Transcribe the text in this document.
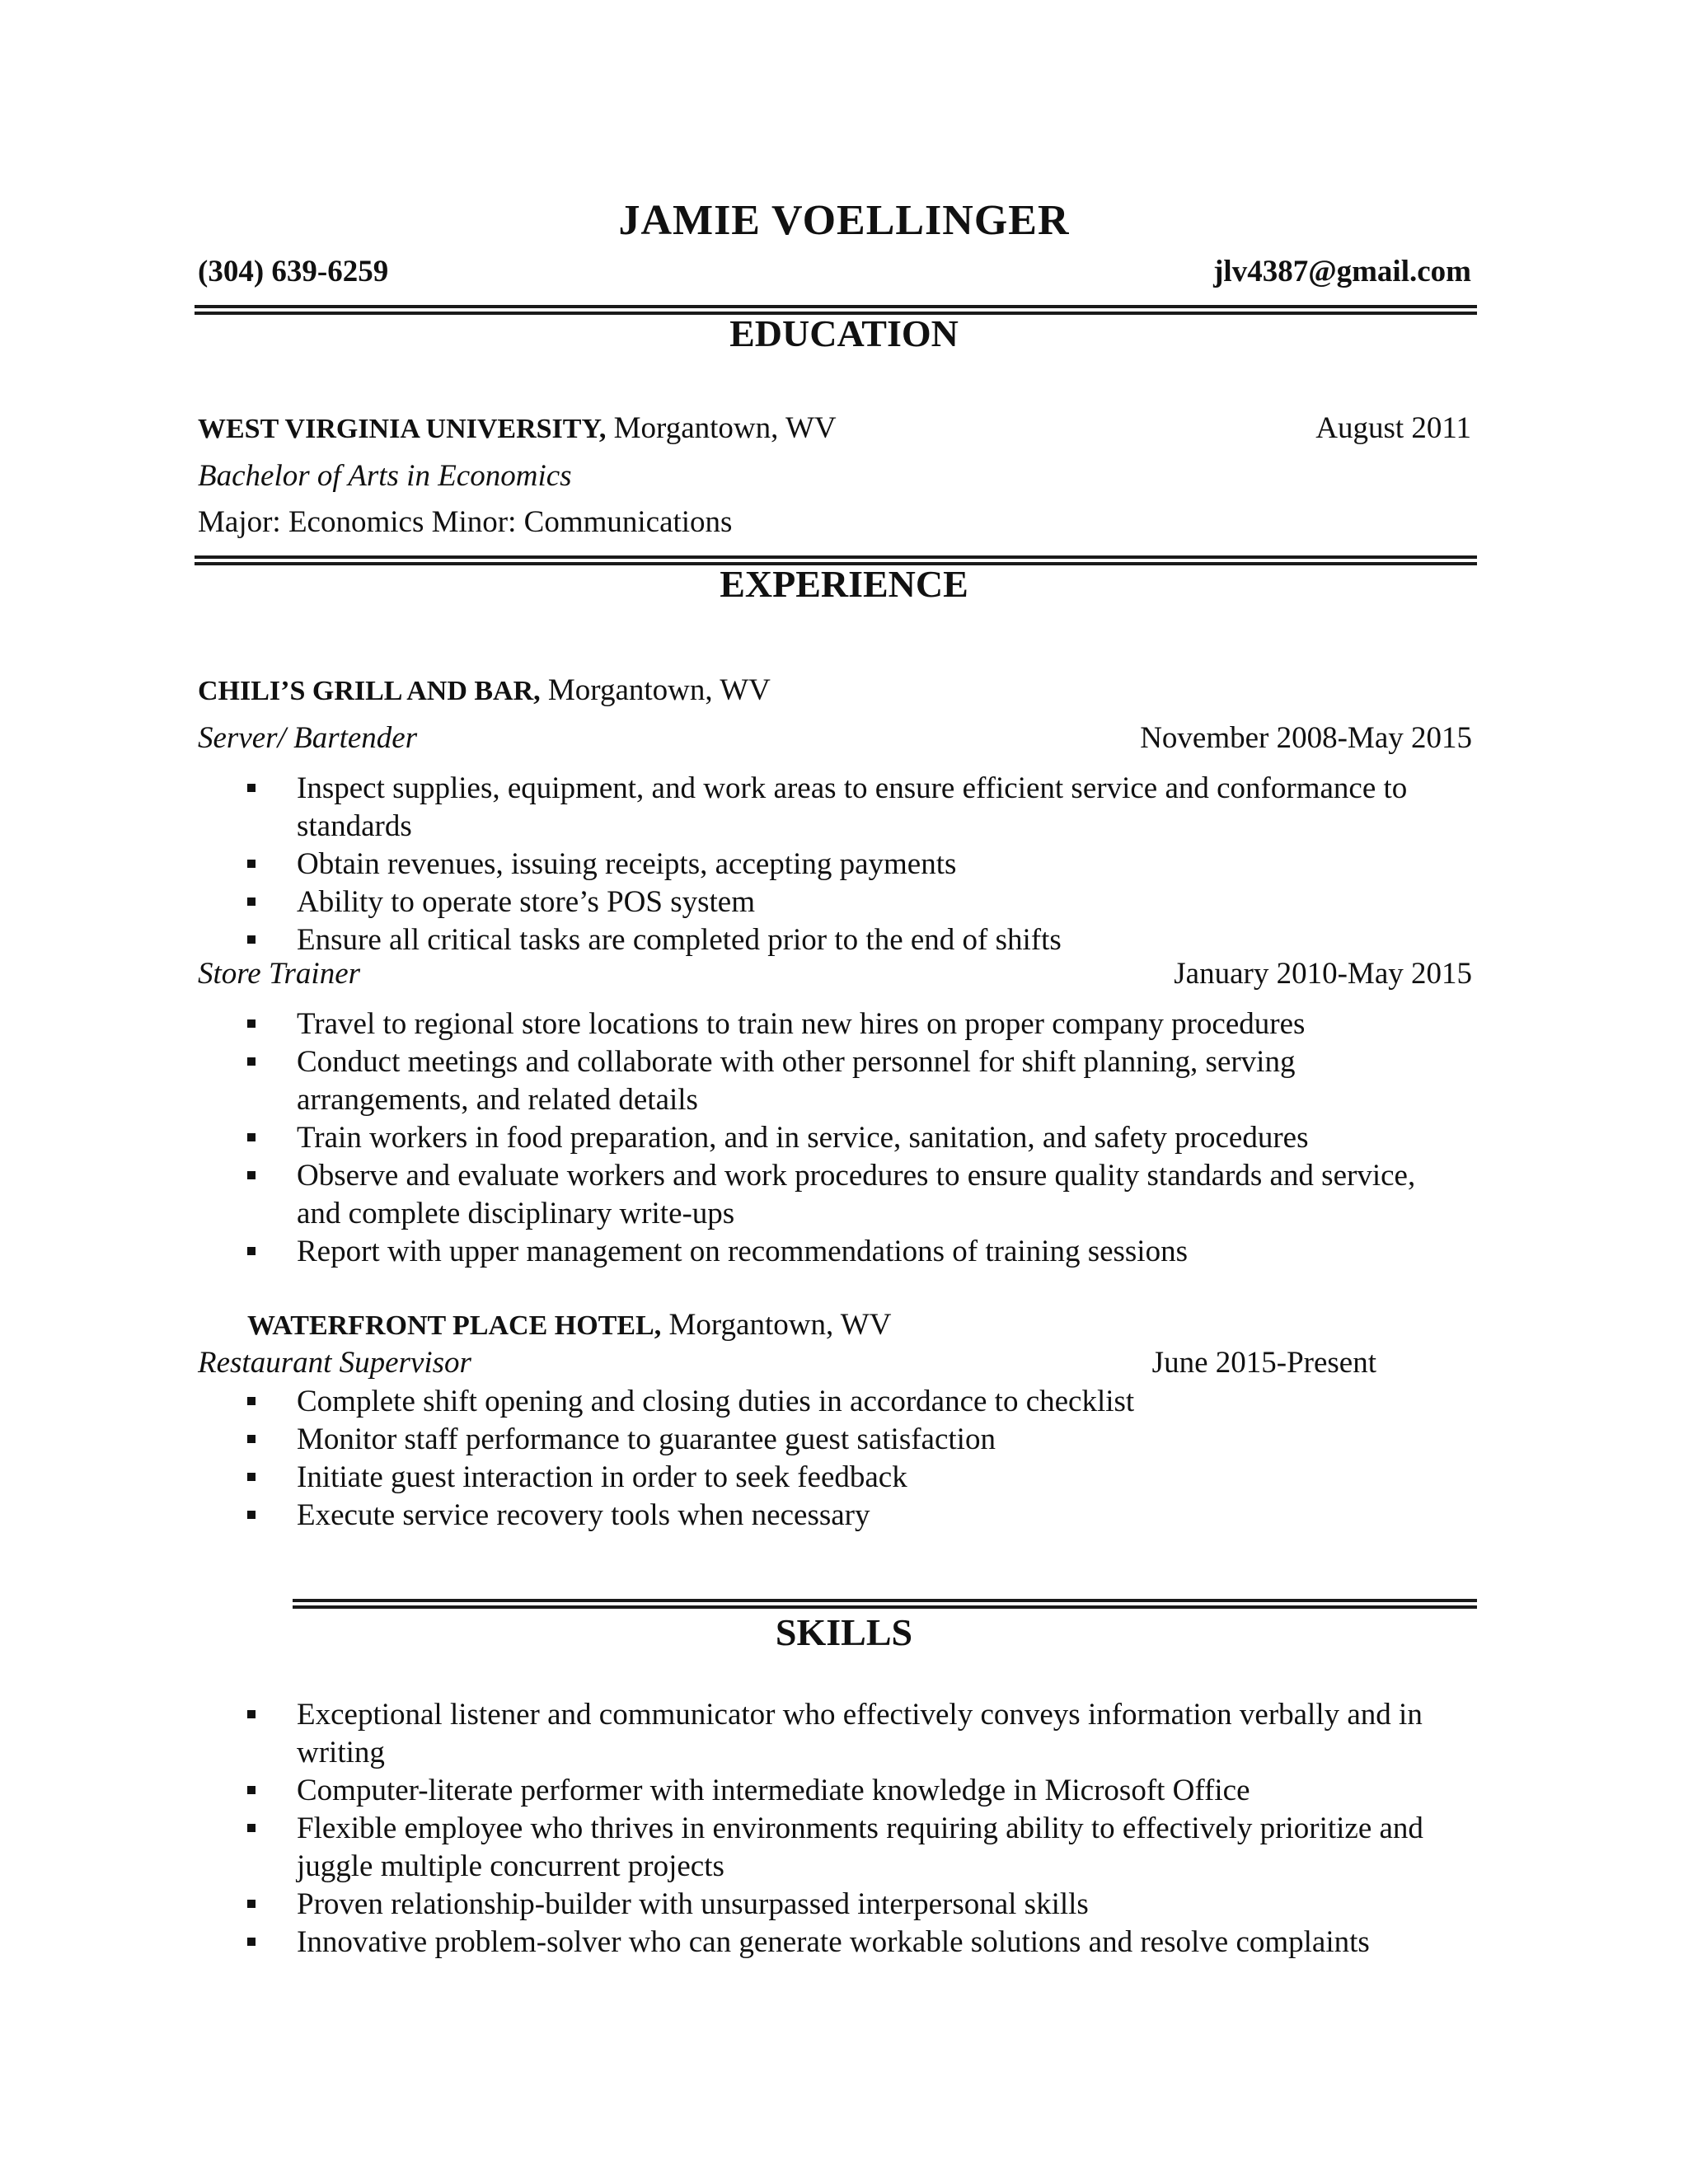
JAMIE VOELLINGER
(304) 639-6259	jlv4387@gmail.com
EDUCATION
WEST VIRGINIA UNIVERSITY, Morgantown, WV	August 2011
Bachelor of Arts in Economics
Major: Economics Minor: Communications
EXPERIENCE
CHILI’S GRILL AND BAR, Morgantown, WV
Server/ Bartender	November 2008-May 2015
Inspect supplies, equipment, and work areas to ensure efficient service and conformance to standards
Obtain revenues, issuing receipts, accepting payments
Ability to operate store’s POS system
Ensure all critical tasks are completed prior to the end of shifts
Store Trainer	January 2010-May 2015
Travel to regional store locations to train new hires on proper company procedures
Conduct meetings and collaborate with other personnel for shift planning, serving arrangements, and related details
Train workers in food preparation, and in service, sanitation, and safety procedures
Observe and evaluate workers and work procedures to ensure quality standards and service, and complete disciplinary write-ups
Report with upper management on recommendations of training sessions
WATERFRONT PLACE HOTEL, Morgantown, WV
Restaurant Supervisor	June 2015-Present
Complete shift opening and closing duties in accordance to checklist
Monitor staff performance to guarantee guest satisfaction
Initiate guest interaction in order to seek feedback
Execute service recovery tools when necessary
SKILLS
Exceptional listener and communicator who effectively conveys information verbally and in writing
Computer-literate performer with intermediate knowledge in Microsoft Office
Flexible employee who thrives in environments requiring ability to effectively prioritize and juggle multiple concurrent projects
Proven relationship-builder with unsurpassed interpersonal skills
Innovative problem-solver who can generate workable solutions and resolve complaints
